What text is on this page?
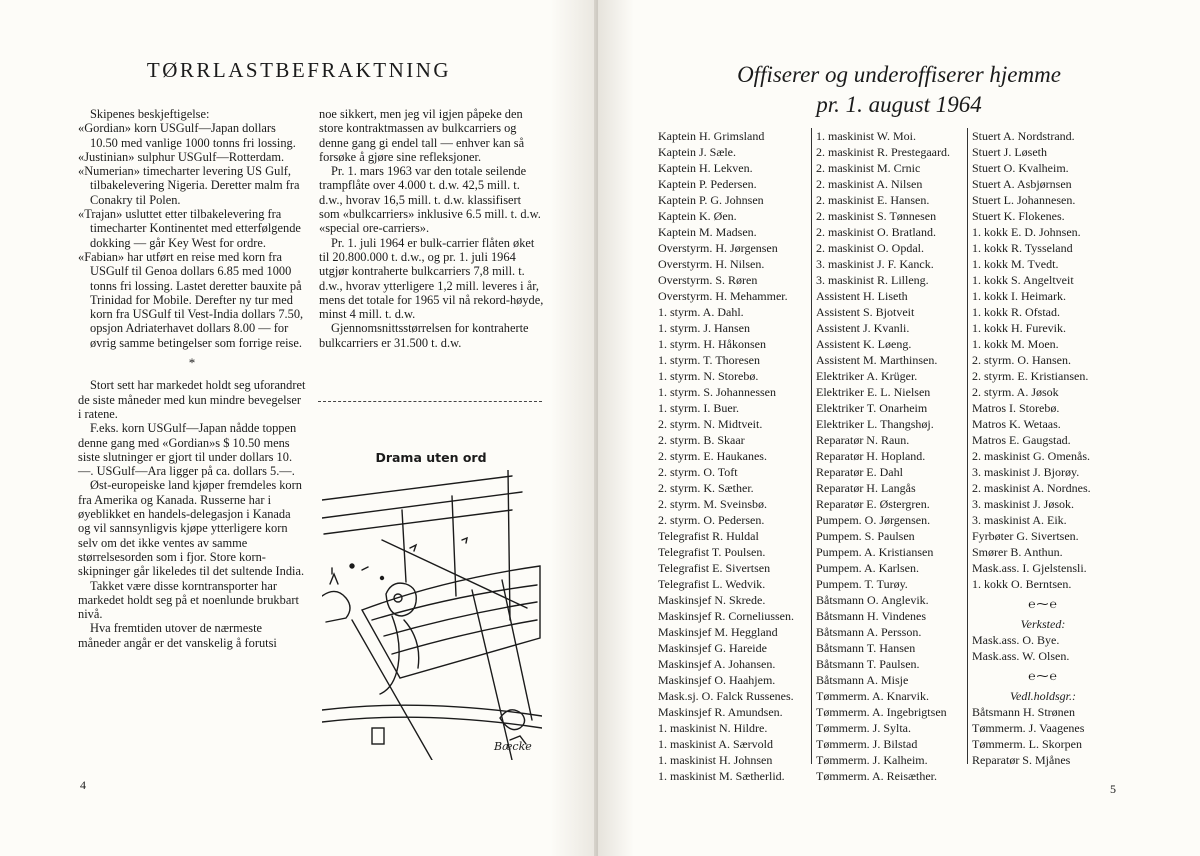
TØRRLASTBEFRAKTNING

Skipenes beskjeftigelse:

«Gordian» korn USGulf—Japan dollars 10.50 med vanlige 1000 tonns fri lossing.

«Justinian» sulphur USGulf—Rotterdam.

«Numerian» timecharter levering US Gulf, tilbakelevering Nigeria. Deretter malm fra Conakry til Polen.

«Trajan» usluttet etter tilbakelevering fra timecharter Kontinentet med etterfølgende dokking — går Key West for ordre.

«Fabian» har utført en reise med korn fra USGulf til Genoa dollars 6.85 med 1000 tonns fri lossing. Lastet deretter bauxite på Trinidad for Mobile. Derefter ny tur med korn fra USGulf til Vest-India dollars 7.50, opsjon Adriaterhavet dollars 8.00 — for øvrig samme betingelser som forrige reise.

*

Stort sett har markedet holdt seg uforandret de siste måneder med kun mindre bevegelser i ratene.

F.eks. korn USGulf—Japan nådde toppen denne gang med «Gordian»s $ 10.50 mens siste slutninger er gjort til under dollars 10.—. USGulf—Ara ligger på ca. dollars 5.—.

Øst-europeiske land kjøper fremdeles korn fra Amerika og Kanada. Russerne har i øyeblikket en handels-delegasjon i Kanada og vil sannsynligvis kjøpe ytterligere korn selv om det ikke ventes av samme størrelsesorden som i fjor. Store korn-skipninger går likeledes til det sultende India.

Takket være disse korntransporter har markedet holdt seg på et noenlunde brukbart nivå.

Hva fremtiden utover de nærmeste måneder angår er det vanskelig å forutsi

noe sikkert, men jeg vil igjen påpeke den store kontraktmassen av bulkcarriers og denne gang gi endel tall — enhver kan så forsøke å gjøre sine refleksjoner.

Pr. 1. mars 1963 var den totale seilende trampflåte over 4.000 t. d.w. 42,5 mill. t. d.w., hvorav 16,5 mill. t. d.w. klassifisert som «bulkcarriers» inklusive 6.5 mill. t. d.w. «special ore-carriers».

Pr. 1. juli 1964 er bulk-carrier flåten øket til 20.800.000 t. d.w., og pr. 1. juli 1964 utgjør kontraherte bulkcarriers 7,8 mill. t. d.w., hvorav ytterligere 1,2 mill. leveres i år, mens det totale for 1965 vil nå rekord-høyde, minst 4 mill. t. d.w.

Gjennomsnittsstørrelsen for kontraherte bulkcarriers er 31.500 t. d.w.

Drama uten ord
Bæcke
4
Offiserer og underoffiserer hjemme
pr. 1. august 1964
Kaptein H. Grimsland
Kaptein J. Sæle.
Kaptein H. Lekven.
Kaptein P. Pedersen.
Kaptein P. G. Johnsen
Kaptein K. Øen.
Kaptein M. Madsen.
Overstyrm. H. Jørgensen
Overstyrm. H. Nilsen.
Overstyrm. S. Røren
Overstyrm. H. Mehammer.
1. styrm. A. Dahl.
1. styrm. J. Hansen
1. styrm. H. Håkonsen
1. styrm. T. Thoresen
1. styrm. N. Storebø.
1. styrm. S. Johannessen
1. styrm. I. Buer.
2. styrm. N. Midtveit.
2. styrm. B. Skaar
2. styrm. E. Haukanes.
2. styrm. O. Toft
2. styrm. K. Sæther.
2. styrm. M. Sveinsbø.
2. styrm. O. Pedersen.
Telegrafist R. Huldal
Telegrafist T. Poulsen.
Telegrafist E. Sivertsen
Telegrafist L. Wedvik.
Maskinsjef N. Skrede.
Maskinsjef R. Corneliussen.
Maskinsjef M. Heggland
Maskinsjef G. Hareide
Maskinsjef A. Johansen.
Maskinsjef O. Haahjem.
Mask.sj. O. Falck Russenes.
Maskinsjef R. Amundsen.
1. maskinist N. Hildre.
1. maskinist A. Særvold
1. maskinist H. Johnsen
1. maskinist M. Sætherlid.
1. maskinist W. Moi.
2. maskinist R. Prestegaard.
2. maskinist M. Crnic
2. maskinist A. Nilsen
2. maskinist E. Hansen.
2. maskinist S. Tønnesen
2. maskinist O. Bratland.
2. maskinist O. Opdal.
3. maskinist J. F. Kanck.
3. maskinist R. Lilleng.
Assistent H. Liseth
Assistent S. Bjotveit
Assistent J. Kvanli.
Assistent K. Løeng.
Assistent M. Marthinsen.
Elektriker A. Krüger.
Elektriker E. L. Nielsen
Elektriker T. Onarheim
Elektriker L. Thangshøj.
Reparatør N. Raun.
Reparatør H. Hopland.
Reparatør E. Dahl
Reparatør H. Langås
Reparatør E. Østergren.
Pumpem. O. Jørgensen.
Pumpem. S. Paulsen
Pumpem. A. Kristiansen
Pumpem. A. Karlsen.
Pumpem. T. Turøy.
Båtsmann O. Anglevik.
Båtsmann H. Vindenes
Båtsmann A. Persson.
Båtsmann T. Hansen
Båtsmann T. Paulsen.
Båtsmann A. Misje
Tømmerm. A. Knarvik.
Tømmerm. A. Ingebrigtsen
Tømmerm. J. Sylta.
Tømmerm. J. Bilstad
Tømmerm. J. Kalheim.
Tømmerm. A. Reisæther.
Stuert A. Nordstrand.
Stuert J. Løseth
Stuert O. Kvalheim.
Stuert A. Asbjørnsen
Stuert L. Johannesen.
Stuert K. Flokenes.
1. kokk E. D. Johnsen.
1. kokk R. Tysseland
1. kokk M. Tvedt.
1. kokk S. Angeltveit
1. kokk I. Heimark.
1. kokk R. Ofstad.
1. kokk H. Furevik.
1. kokk M. Moen.
2. styrm. O. Hansen.
2. styrm. E. Kristiansen.
2. styrm. A. Jøsok
Matros I. Storebø.
Matros K. Wetaas.
Matros E. Gaugstad.
2. maskinist G. Omenås.
3. maskinist J. Bjorøy.
2. maskinist A. Nordnes.
3. maskinist J. Jøsok.
3. maskinist A. Eik.
Fyrbøter G. Sivertsen.
Smører B. Anthun.
Mask.ass. I. Gjelstensli.
1. kokk O. Berntsen.
℮⁓℮
Verksted:
Mask.ass. O. Bye.
Mask.ass. W. Olsen.
℮⁓℮
Vedl.holdsgr.:
Båtsmann H. Strønen
Tømmerm. J. Vaagenes
Tømmerm. L. Skorpen
Reparatør S. Mjånes
5
